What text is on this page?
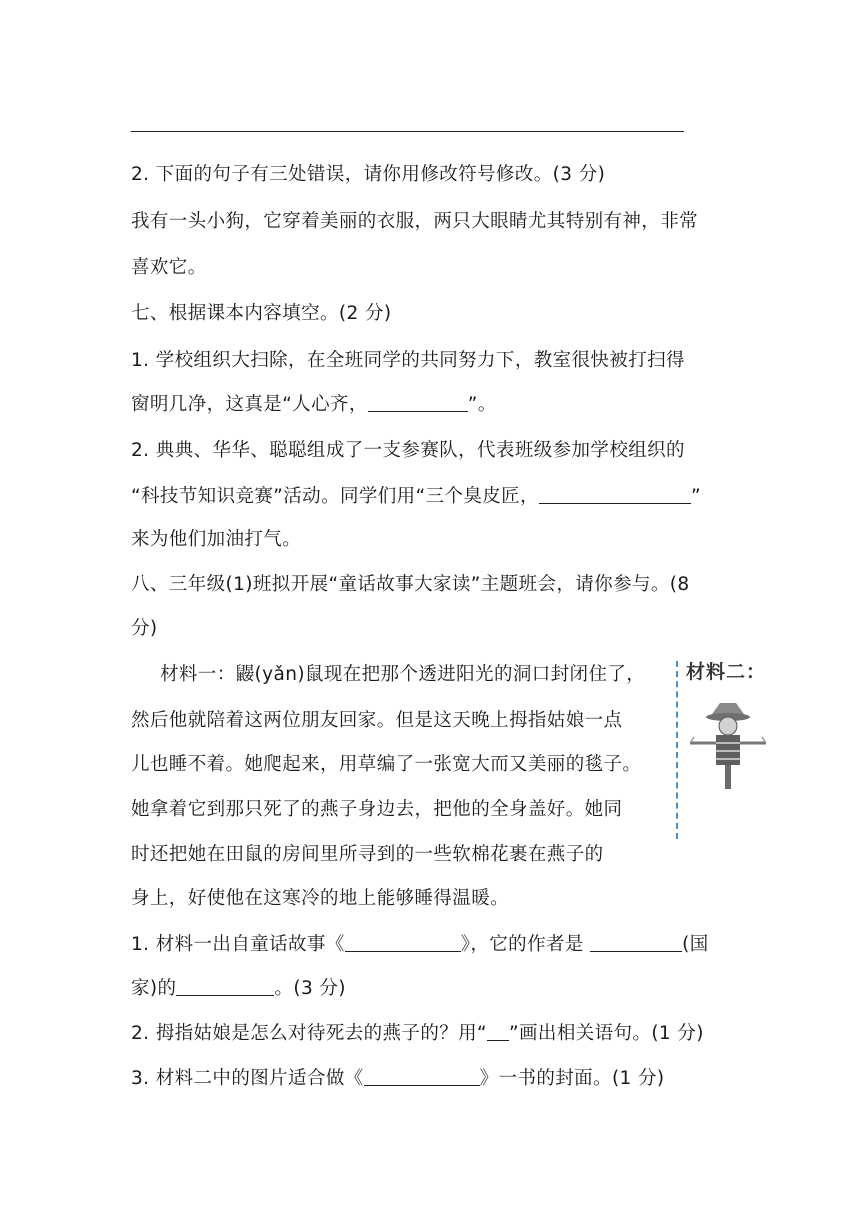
2. 下面的句子有三处错误，请你用修改符号修改。(3 分)
我有一头小狗，它穿着美丽的衣服，两只大眼睛尤其特别有神，非常
喜欢它。
七、根据课本内容填空。(2 分)
1. 学校组织大扫除，在全班同学的共同努力下，教室很快被打扫得
窗明几净，这真是“人心齐，	”。
2. 典典、华华、聪聪组成了一支参赛队，代表班级参加学校组织的
“科技节知识竞赛”活动。同学们用“三个臭皮匠，	”
来为他们加油打气。
八、三年级(1)班拟开展“童话故事大家读”主题班会，请你参与。(8
分)
材料一：鼹(yǎn)鼠现在把那个透进阳光的洞口封闭住了，
然后他就陪着这两位朋友回家。但是这天晚上拇指姑娘一点
儿也睡不着。她爬起来，用草编了一张宽大而又美丽的毯子。
她拿着它到那只死了的燕子身边去，把他的全身盖好。她同
时还把她在田鼠的房间里所寻到的一些软棉花裹在燕子的
身上，好使他在这寒冷的地上能够睡得温暖。
材料二：
1. 材料一出自童话故事《	》，它的作者是	(国
家)的	。(3 分)
2. 拇指姑娘是怎么对待死去的燕子的？用“ ”画出相关语句。(1 分)
3. 材料二中的图片适合做《	》一书的封面。(1 分)
